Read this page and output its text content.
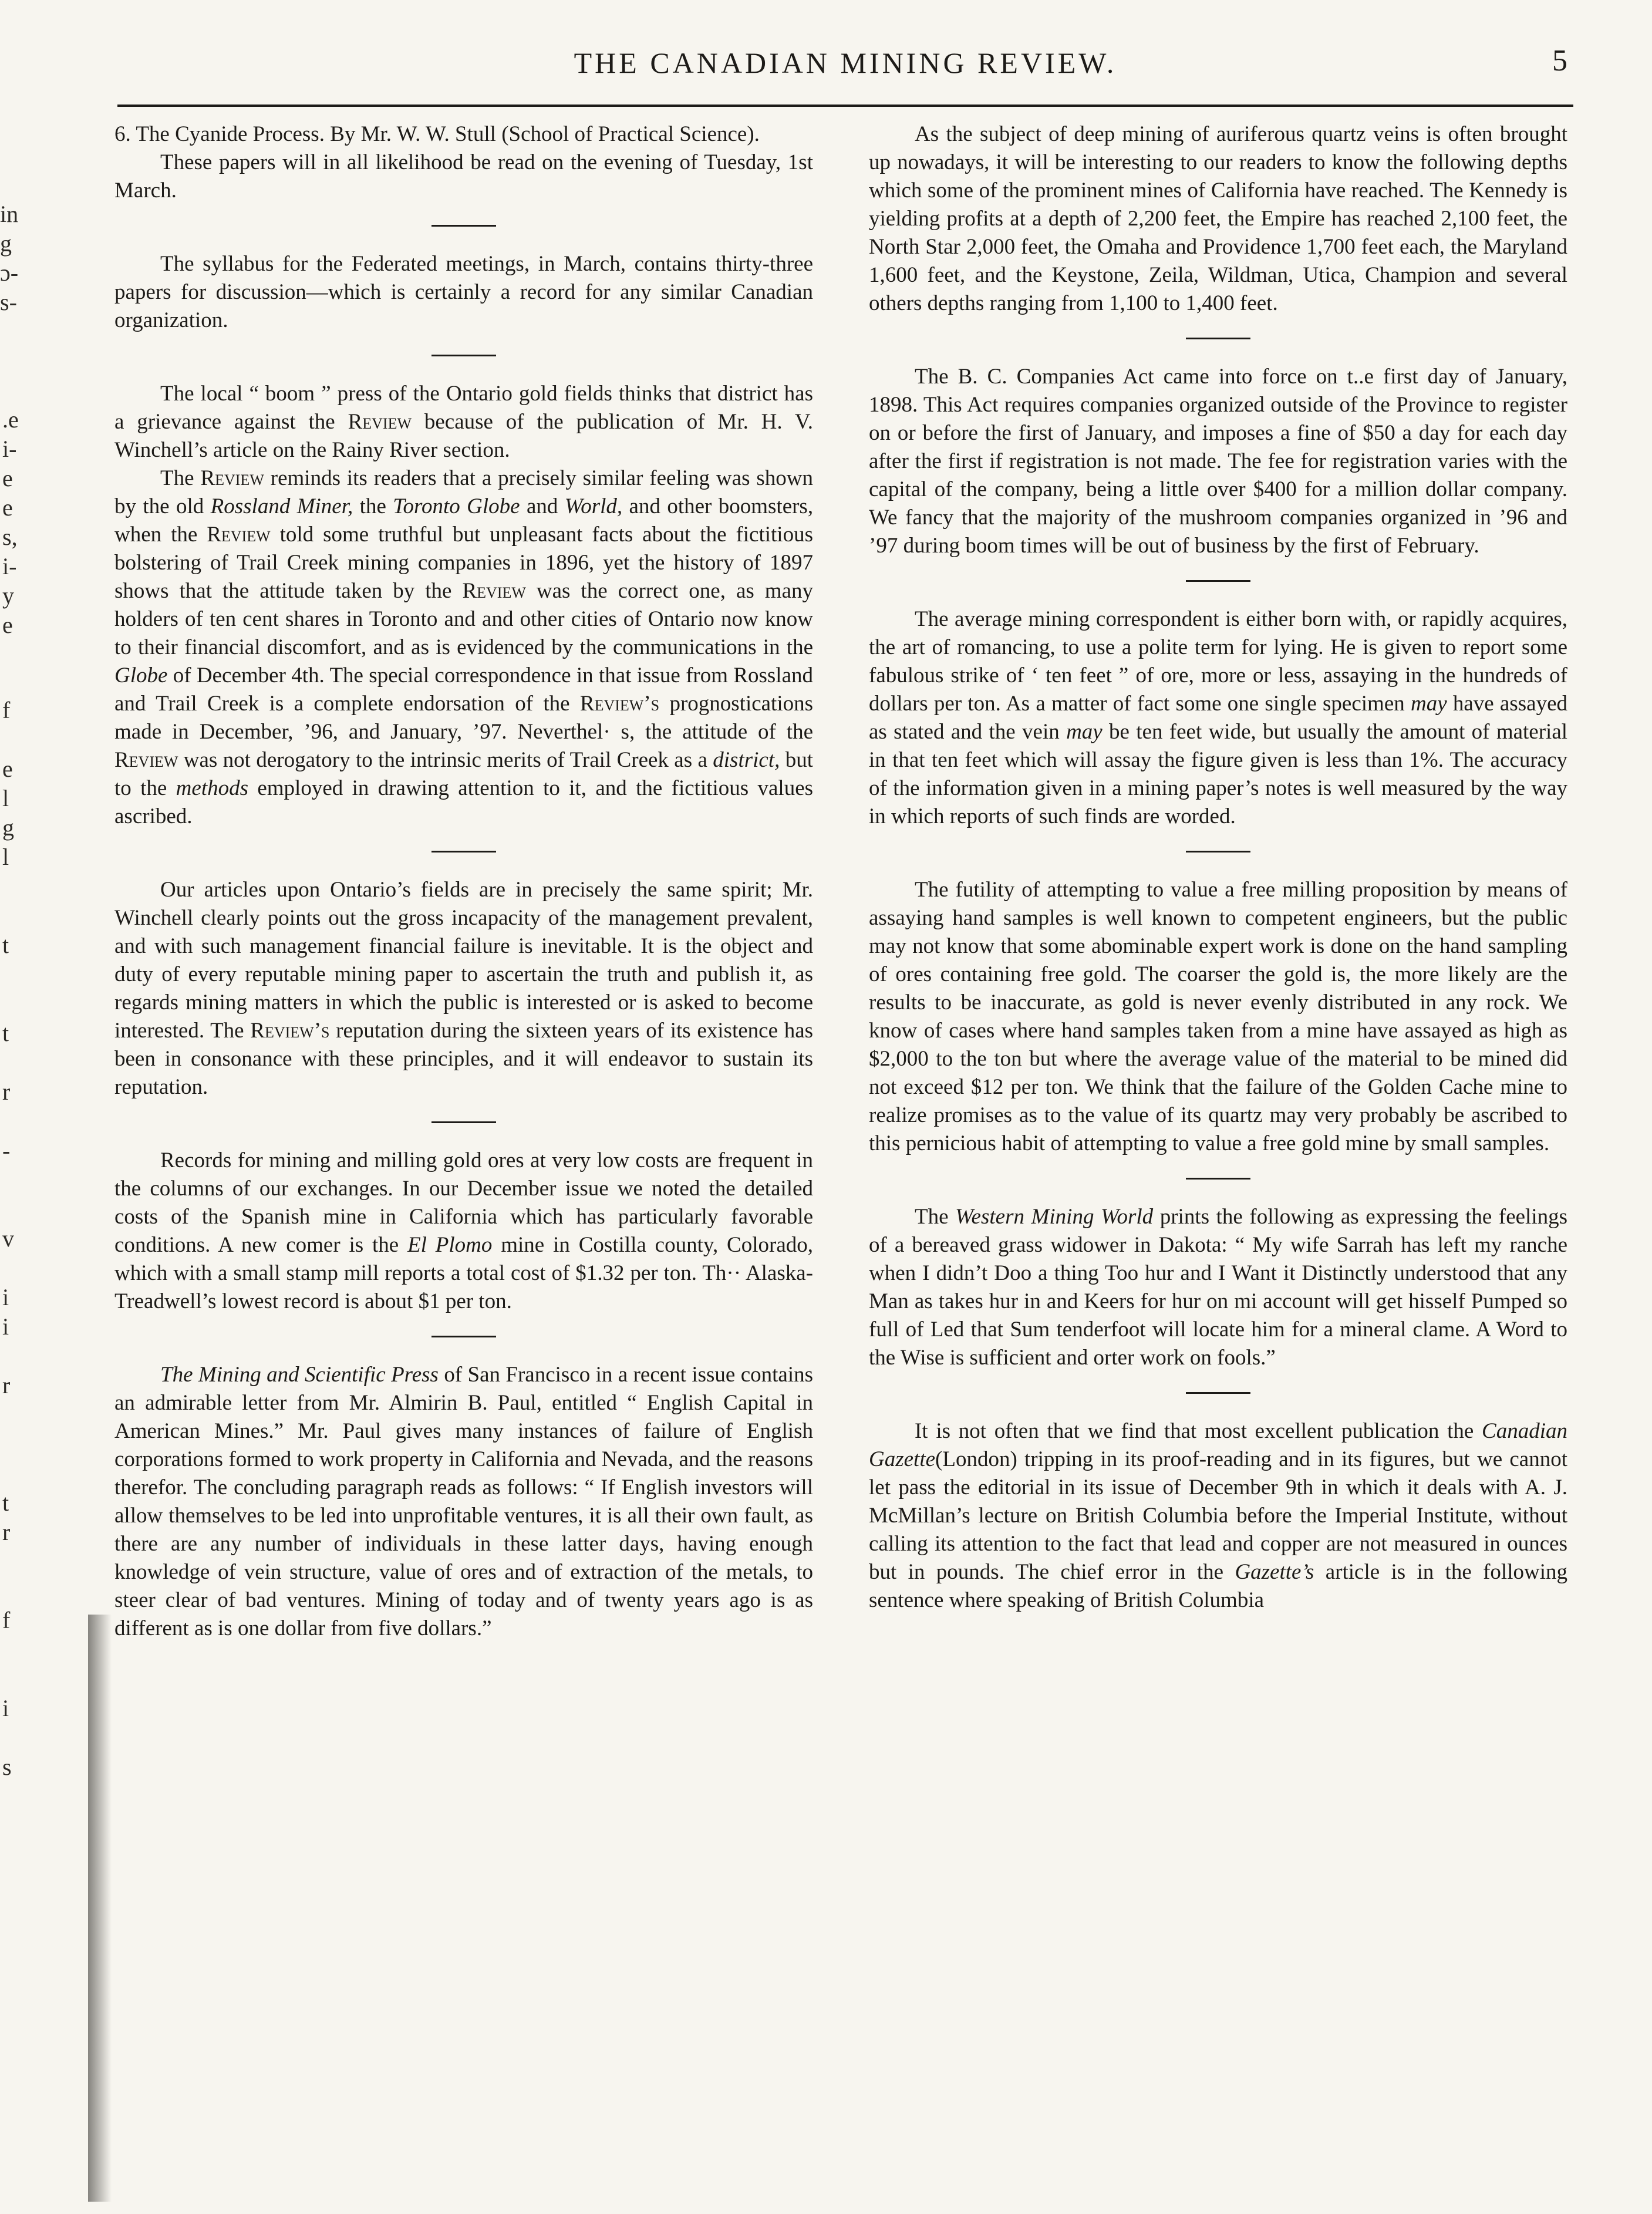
in
g
ɔ-
s-
.e
i-
e
e
s,
i-
y
e
f
e
l
g
l
t
t
r
-
v
i
i
r
t
r
f
i
s
THE CANADIAN MINING REVIEW.	5

6. The Cyanide Process. By Mr. W. W. Stull (School of Practical Science).

These papers will in all likelihood be read on the evening of Tuesday, 1st March.

The syllabus for the Federated meetings, in March, contains thirty-three papers for discussion—which is certainly a record for any similar Canadian organization.

The local “ boom ” press of the Ontario gold fields thinks that district has a grievance against the Review because of the publication of Mr. H. V. Winchell’s article on the Rainy River section.

The Review reminds its readers that a precisely similar feeling was shown by the old Rossland Miner, the Toronto Globe and World, and other boomsters, when the Review told some truthful but unpleasant facts about the fictitious bolstering of Trail Creek mining companies in 1896, yet the history of 1897 shows that the attitude taken by the Review was the correct one, as many holders of ten cent shares in Toronto and and other cities of Ontario now know to their financial discomfort, and as is evidenced by the communications in the Globe of December 4th. The special correspondence in that issue from Rossland and Trail Creek is a complete endorsation of the Review’s prognostications made in December, ’96, and January, ’97. Neverthel· s, the attitude of the Review was not derogatory to the intrinsic merits of Trail Creek as a district, but to the methods employed in drawing attention to it, and the fictitious values ascribed.

Our articles upon Ontario’s fields are in precisely the same spirit; Mr. Winchell clearly points out the gross incapacity of the management prevalent, and with such management financial failure is inevitable. It is the object and duty of every reputable mining paper to ascertain the truth and publish it, as regards mining matters in which the public is interested or is asked to become interested. The Review’s reputation during the sixteen years of its existence has been in consonance with these principles, and it will endeavor to sustain its reputation.

Records for mining and milling gold ores at very low costs are frequent in the columns of our exchanges. In our December issue we noted the detailed costs of the Spanish mine in California which has particularly favorable conditions. A new comer is the El Plomo mine in Costilla county, Colorado, which with a small stamp mill reports a total cost of $1.32 per ton. Th·· Alaska-Treadwell’s lowest record is about $1 per ton.

The Mining and Scientific Press of San Francisco in a recent issue contains an admirable letter from Mr. Almirin B. Paul, entitled “ English Capital in American Mines.” Mr. Paul gives many instances of failure of English corporations formed to work property in California and Nevada, and the reasons therefor. The concluding paragraph reads as follows: “ If English investors will allow themselves to be led into unprofitable ventures, it is all their own fault, as there are any number of individuals in these latter days, having enough knowledge of vein structure, value of ores and of extraction of the metals, to steer clear of bad ventures. Mining of today and of twenty years ago is as different as is one dollar from five dollars.”

As the subject of deep mining of auriferous quartz veins is often brought up nowadays, it will be interesting to our readers to know the following depths which some of the prominent mines of California have reached. The Kennedy is yielding profits at a depth of 2,200 feet, the Empire has reached 2,100 feet, the North Star 2,000 feet, the Omaha and Providence 1,700 feet each, the Maryland 1,600 feet, and the Keystone, Zeila, Wildman, Utica, Champion and several others depths ranging from 1,100 to 1,400 feet.

The B. C. Companies Act came into force on t..e first day of January, 1898. This Act requires companies organized outside of the Province to register on or before the first of January, and imposes a fine of $50 a day for each day after the first if registration is not made. The fee for registration varies with the capital of the company, being a little over $400 for a million dollar company. We fancy that the majority of the mushroom companies organized in ’96 and ’97 during boom times will be out of business by the first of February.

The average mining correspondent is either born with, or rapidly acquires, the art of romancing, to use a polite term for lying. He is given to report some fabulous strike of ‘ ten feet ” of ore, more or less, assaying in the hundreds of dollars per ton. As a matter of fact some one single specimen may have assayed as stated and the vein may be ten feet wide, but usually the amount of material in that ten feet which will assay the figure given is less than 1%. The accuracy of the information given in a mining paper’s notes is well measured by the way in which reports of such finds are worded.

The futility of attempting to value a free milling proposition by means of assaying hand samples is well known to competent engineers, but the public may not know that some abominable expert work is done on the hand sampling of ores containing free gold. The coarser the gold is, the more likely are the results to be inaccurate, as gold is never evenly distributed in any rock. We know of cases where hand samples taken from a mine have assayed as high as $2,000 to the ton but where the average value of the material to be mined did not exceed $12 per ton. We think that the failure of the Golden Cache mine to realize promises as to the value of its quartz may very probably be ascribed to this pernicious habit of attempting to value a free gold mine by small samples.

The Western Mining World prints the following as expressing the feelings of a bereaved grass widower in Dakota: “ My wife Sarrah has left my ranche when I didn’t Doo a thing Too hur and I Want it Distinctly understood that any Man as takes hur in and Keers for hur on mi account will get hisself Pumped so full of Led that Sum tenderfoot will locate him for a mineral clame. A Word to the Wise is sufficient and orter work on fools.”

It is not often that we find that most excellent publication the Canadian Gazette(London) tripping in its proof-reading and in its figures, but we cannot let pass the editorial in its issue of December 9th in which it deals with A. J. McMillan’s lecture on British Columbia before the Imperial Institute, without calling its attention to the fact that lead and copper are not measured in ounces but in pounds. The chief error in the Gazette’s article is in the following sentence where speaking of British Columbia
